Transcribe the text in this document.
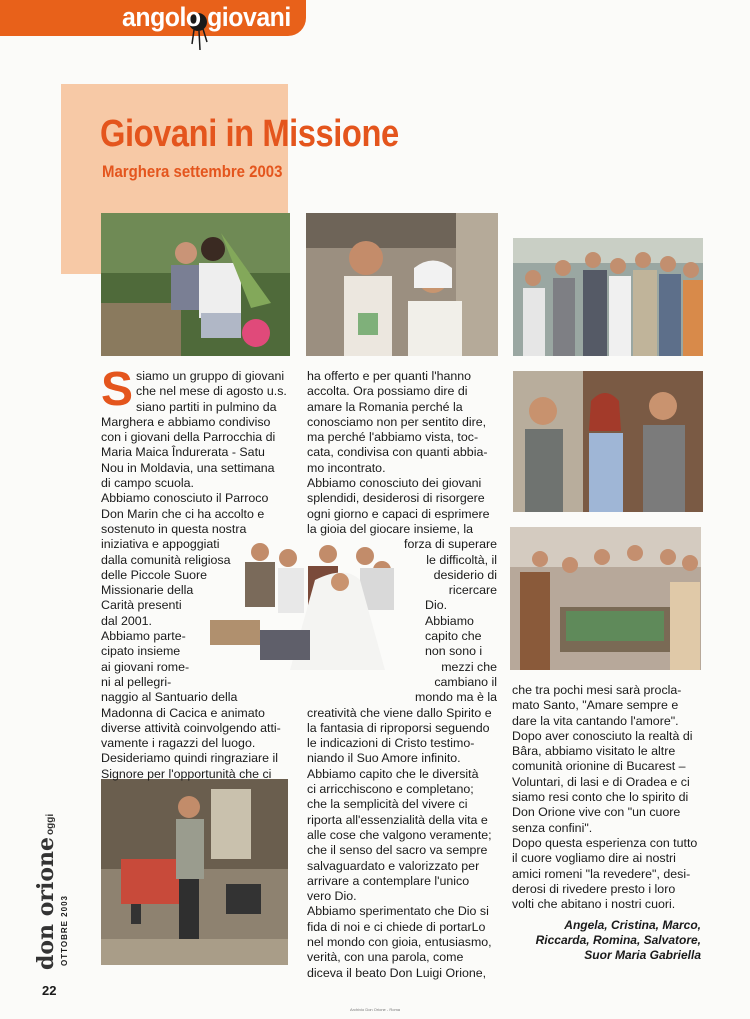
angolo giovani
Giovani in Missione
Marghera settembre 2003
S siamo un gruppo di giovani
che nel mese di agosto u.s.
siano partiti in pulmino da
Marghera e abbiamo condiviso
con i giovani della Parrocchia di
Maria Maica Îndurerata - Satu
Nou in Moldavia, una settimana
di campo scuola.
Abbiamo conosciuto il Parroco
Don Marin che ci ha accolto e
sostenuto in questa nostra
iniziativa e appoggiati
dalla comunità religiosa
delle Piccole Suore
Missionarie della
Carità presenti
dal 2001.
Abbiamo parte-
cipato insieme
ai giovani rome-
ni al pellegri-
naggio al Santuario della
Madonna di Cacica e animato
diverse attività coinvolgendo atti-
vamente i ragazzi del luogo.
Desideriamo quindi ringraziare il
Signore per l'opportunità che ci
ha offerto e per quanti l'hanno
accolta. Ora possiamo dire di
amare la Romania perché la
conosciamo non per sentito dire,
ma perché l'abbiamo vista, toc-
cata, condivisa con quanti abbia-
mo incontrato.
Abbiamo conosciuto dei giovani
splendidi, desiderosi di risorgere
ogni giorno e capaci di esprimere
la gioia del giocare insieme, la
forza di superare
le difficoltà, il
desiderio di
ricercare
Dio.
Abbiamo
capito che
non sono i
mezzi che
cambiano il
mondo ma è la
creatività che viene dallo Spirito e
la fantasia di riproporsi seguendo
le indicazioni di Cristo testimo-
niando il Suo Amore infinito.
Abbiamo capito che le diversità
ci arricchiscono e completano;
che la semplicità del vivere ci
riporta all'essenzialità della vita e
alle cose che valgono veramente;
che il senso del sacro va sempre
salvaguardato e valorizzato per
arrivare a contemplare l'unico
vero Dio.
Abbiamo sperimentato che Dio si
fida di noi e ci chiede di portarLo
nel mondo con gioia, entusiasmo,
verità, con una parola, come
diceva il beato Don Luigi Orione,
che tra pochi mesi sarà procla-
mato Santo, "Amare sempre e
dare la vita cantando l'amore".
Dopo aver conosciuto la realtà di
Bâra, abbiamo visitato le altre
comunità orionine di Bucarest –
Voluntari, di lasi e di Oradea e ci
siamo resi conto che lo spirito di
Don Orione vive con "un cuore
senza confini".
Dopo questa esperienza con tutto
il cuore vogliamo dire ai nostri
amici romeni "la revedere", desi-
derosi di rivedere presto i loro
volti che abitano i nostri cuori.
Angela, Cristina, Marco,
Riccarda, Romina, Salvatore,
Suor Maria Gabriella
don orioneoggi
OTTOBRE 2003
22
Archivio Don Orione - Roma
